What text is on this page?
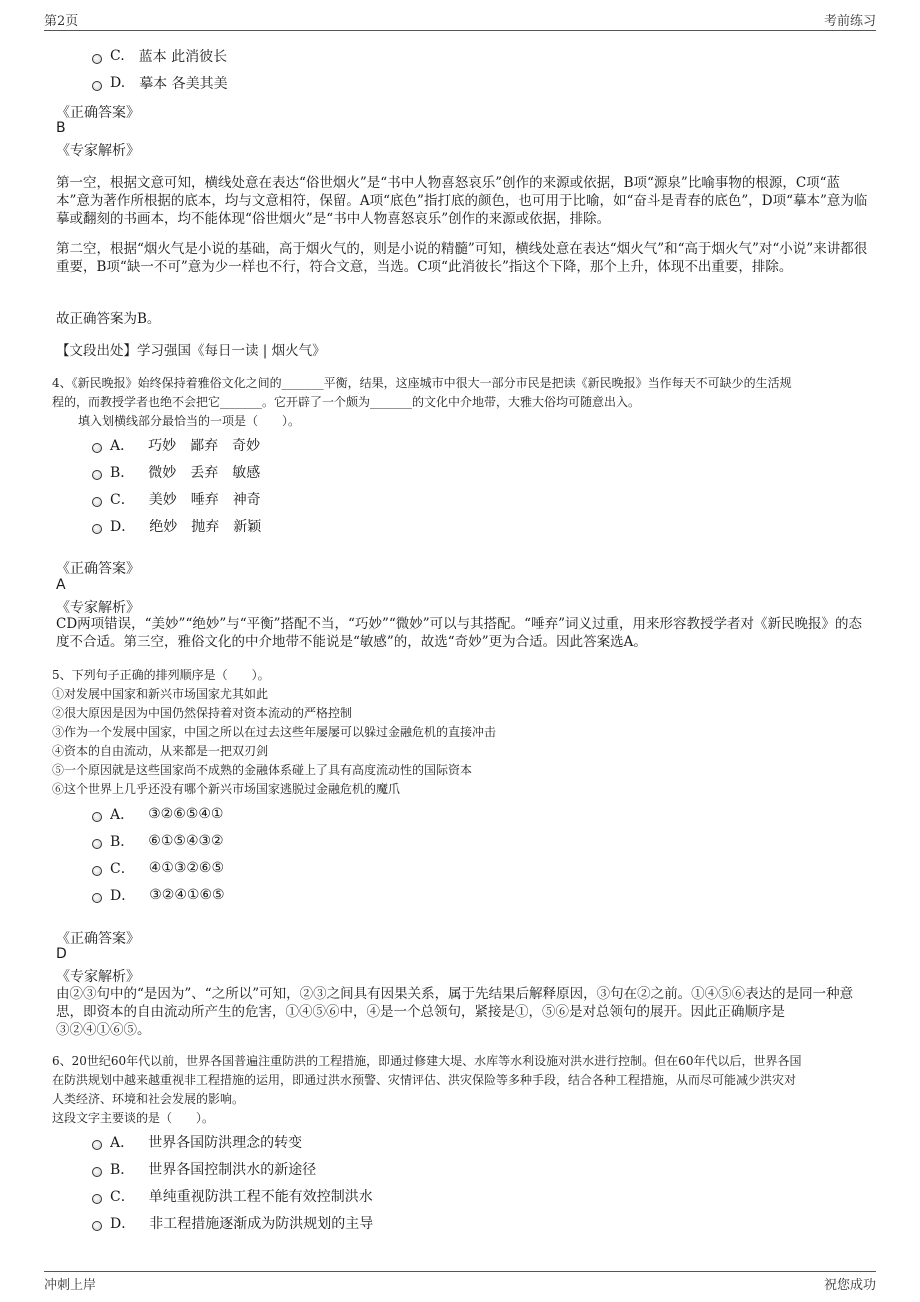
第2页	考前练习
C. 蓝本 此消彼长
D. 摹本 各美其美
《正确答案》
B
《专家解析》
第一空，根据文意可知，横线处意在表达“俗世烟火”是“书中人物喜怒哀乐”创作的来源或依据，B项“源泉”比喻事物的根源，C项“蓝本”意为著作所根据的底本，均与文意相符，保留。A项“底色”指打底的颜色，也可用于比喻，如“奋斗是青春的底色”，D项“摹本”意为临摹或翻刻的书画本，均不能体现“俗世烟火”是“书中人物喜怒哀乐”创作的来源或依据，排除。
第二空，根据“烟火气是小说的基础，高于烟火气的，则是小说的精髓”可知，横线处意在表达“烟火气”和“高于烟火气”对“小说”来讲都很重要，B项“缺一不可”意为少一样也不行，符合文意，当选。C项“此消彼长”指这个下降，那个上升，体现不出重要，排除。
故正确答案为B。
【文段出处】学习强国《每日一读 | 烟火气》
4、《新民晚报》始终保持着雅俗文化之间的_______平衡，结果，这座城市中很大一部分市民是把读《新民晚报》当作每天不可缺少的生活规
程的，而教授学者也绝不会把它_______。它开辟了一个颇为_______的文化中介地带，大雅大俗均可随意出入。
填入划横线部分最恰当的一项是（　　）。
A． 巧妙　鄙弃　奇妙
B． 微妙　丢弃　敏感
C． 美妙　唾弃　神奇
D． 绝妙　抛弃　新颖
《正确答案》
A
《专家解析》
CD两项错误，“美妙”“绝妙”与“平衡”搭配不当，“巧妙”“微妙”可以与其搭配。“唾弃”词义过重，用来形容教授学者对《新民晚报》的态度不合适。第三空，雅俗文化的中介地带不能说是“敏感”的，故选“奇妙”更为合适。因此答案选A。
5、下列句子正确的排列顺序是（　　）。
①对发展中国家和新兴市场国家尤其如此
②很大原因是因为中国仍然保持着对资本流动的严格控制
③作为一个发展中国家，中国之所以在过去这些年屡屡可以躲过金融危机的直接冲击
④资本的自由流动，从来都是一把双刃剑
⑤一个原因就是这些国家尚不成熟的金融体系碰上了具有高度流动性的国际资本
⑥这个世界上几乎还没有哪个新兴市场国家逃脱过金融危机的魔爪
A． ③②⑥⑤④①
B． ⑥①⑤④③②
C． ④①③②⑥⑤
D． ③②④①⑥⑤
《正确答案》
D
《专家解析》
由②③句中的“是因为”、“之所以”可知，②③之间具有因果关系，属于先结果后解释原因，③句在②之前。①④⑤⑥表达的是同一种意思，即资本的自由流动所产生的危害，①④⑤⑥中，④是一个总领句，紧接是①，⑤⑥是对总领句的展开。因此正确顺序是③②④①⑥⑤。
6、20世纪60年代以前，世界各国普遍注重防洪的工程措施，即通过修建大堤、水库等水利设施对洪水进行控制。但在60年代以后，世界各国
在防洪规划中越来越重视非工程措施的运用，即通过洪水预警、灾情评估、洪灾保险等多种手段，结合各种工程措施，从而尽可能减少洪灾对
人类经济、环境和社会发展的影响。
这段文字主要谈的是（　　）。
A． 世界各国防洪理念的转变
B． 世界各国控制洪水的新途径
C． 单纯重视防洪工程不能有效控制洪水
D． 非工程措施逐渐成为防洪规划的主导
冲刺上岸	祝您成功
